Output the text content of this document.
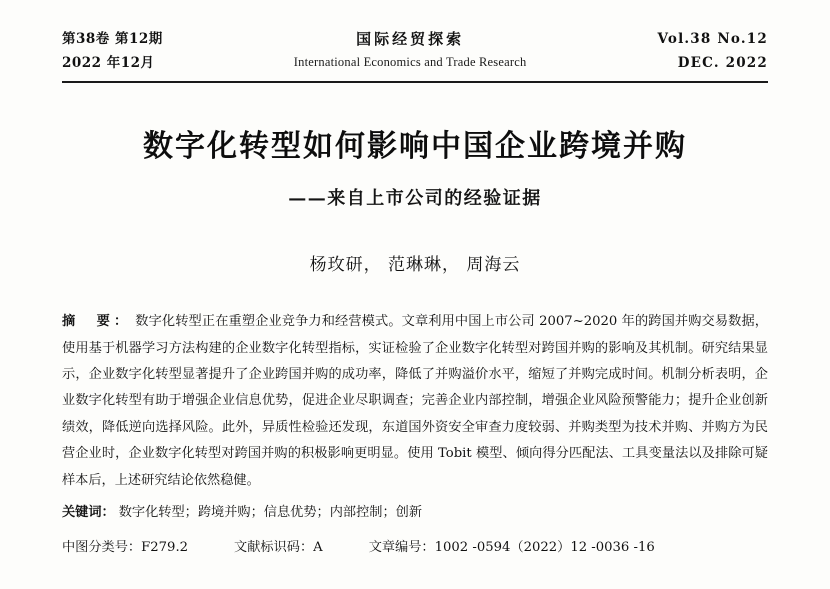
第38卷 第12期
2022 年12月
国际经贸探索
International Economics and Trade Research
Vol.38 No.12
DEC. 2022
数字化转型如何影响中国企业跨境并购
——来自上市公司的经验证据
杨玫研， 范琳琳， 周海云
摘　要： 数字化转型正在重塑企业竞争力和经营模式。文章利用中国上市公司 2007~2020 年的跨国并购交易数据，使用基于机器学习方法构建的企业数字化转型指标，实证检验了企业数字化转型对跨国并购的影响及其机制。研究结果显示，企业数字化转型显著提升了企业跨国并购的成功率，降低了并购溢价水平，缩短了并购完成时间。机制分析表明，企业数字化转型有助于增强企业信息优势，促进企业尽职调查；完善企业内部控制，增强企业风险预警能力；提升企业创新绩效，降低逆向选择风险。此外，异质性检验还发现，东道国外资安全审查力度较弱、并购类型为技术并购、并购方为民营企业时，企业数字化转型对跨国并购的积极影响更明显。使用 Tobit 模型、倾向得分匹配法、工具变量法以及排除可疑样本后，上述研究结论依然稳健。
关键词： 数字化转型；跨境并购；信息优势；内部控制；创新
中图分类号：F279.2	文献标识码：A	文章编号：1002 -0594（2022）12 -0036 -16
